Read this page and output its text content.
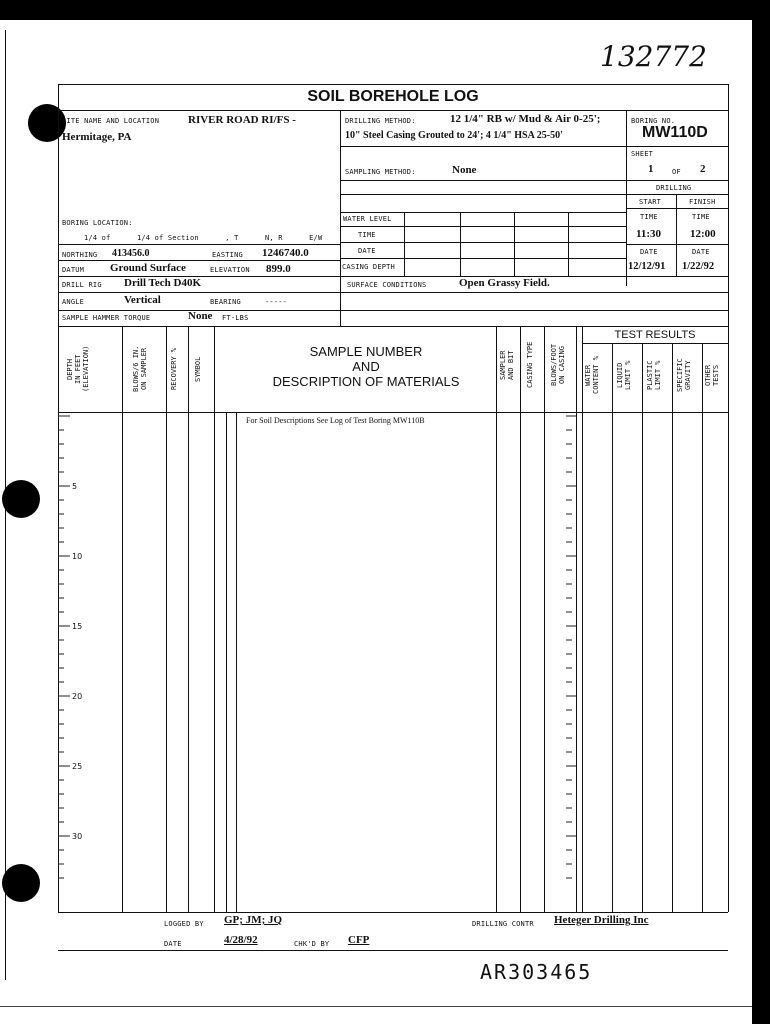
132772
SOIL BOREHOLE LOG
SITE NAME AND LOCATION	RIVER ROAD RI/FS -
Hermitage, PA
DRILLING METHOD:	12 1/4" RB w/ Mud & Air 0-25';
10" Steel Casing Grouted to 24'; 4 1/4" HSA 25-50'
BORING NO.
MW110D
SHEET
1	OF 2
DRILLING
START	FINISH
TIME	TIME
11:30	12:00
DATE	DATE
12/12/91 1/22/92
SAMPLING METHOD:	None
WATER LEVEL
TIME
DATE
CASING DEPTH
SURFACE CONDITIONS	Open Grassy Field.
BORING LOCATION:
1/4 of      1/4 of Section      , T      N, R      E/W
NORTHING 413456.0	EASTING 1246740.0
DATUM Ground Surface	ELEVATION 899.0
DRILL RIG Drill Tech D40K
ANGLE	Vertical	BEARING	-----
SAMPLE HAMMER TORQUE	None FT-LBS
DEPTH
IN FEET
(ELEVATION)	BLOWS/6 IN.
ON SAMPLER	RECOVERY %	SYMBOL
SAMPLE NUMBER
AND
DESCRIPTION OF MATERIALS
SAMPLER
AND BIT	CASING TYPE	BLOWS/FOOT
ON CASING
TEST RESULTS
WATER
CONTENT %
LIQUID
LIMIT %	PLASTIC
LIMIT %	SPECIFIC
GRAVITY	OTHER
TESTS
For Soil Descriptions See Log of Test Boring MW110B
5
10
15
20
25
30
LOGGED BY GP; JM; JQ	DRILLING CONTR Heteger Drilling Inc
DATE	4/28/92	CHK'D BY CFP
AR303465
